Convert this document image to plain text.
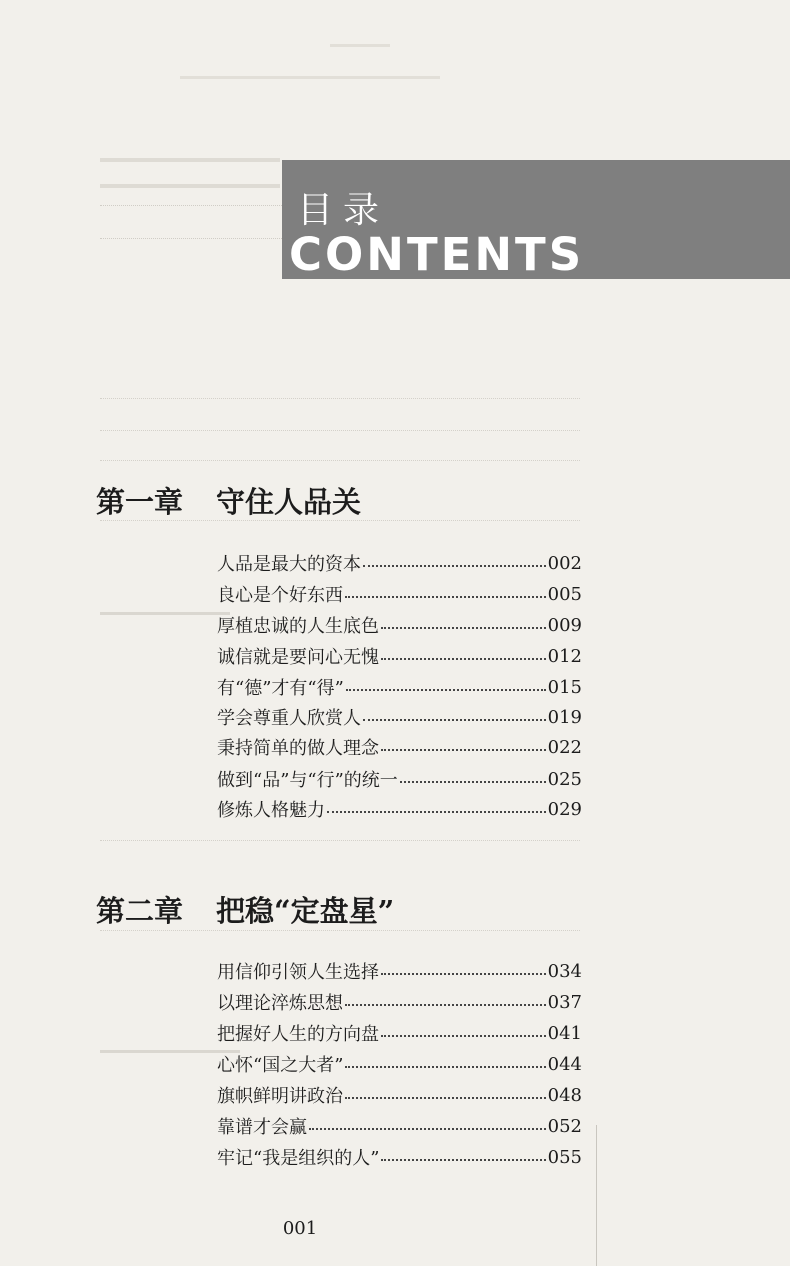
目录
CONTENTS
第一章 守住人品关
人品是最大的资本	002
良心是个好东西	005
厚植忠诚的人生底色	009
诚信就是要问心无愧	012
有“德”才有“得”	015
学会尊重人欣赏人	019
秉持简单的做人理念	022
做到“品”与“行”的统一	025
修炼人格魅力	029
第二章 把稳“定盘星”
用信仰引领人生选择	034
以理论淬炼思想	037
把握好人生的方向盘	041
心怀“国之大者”	044
旗帜鲜明讲政治	048
靠谱才会赢	052
牢记“我是组织的人”	055
001
